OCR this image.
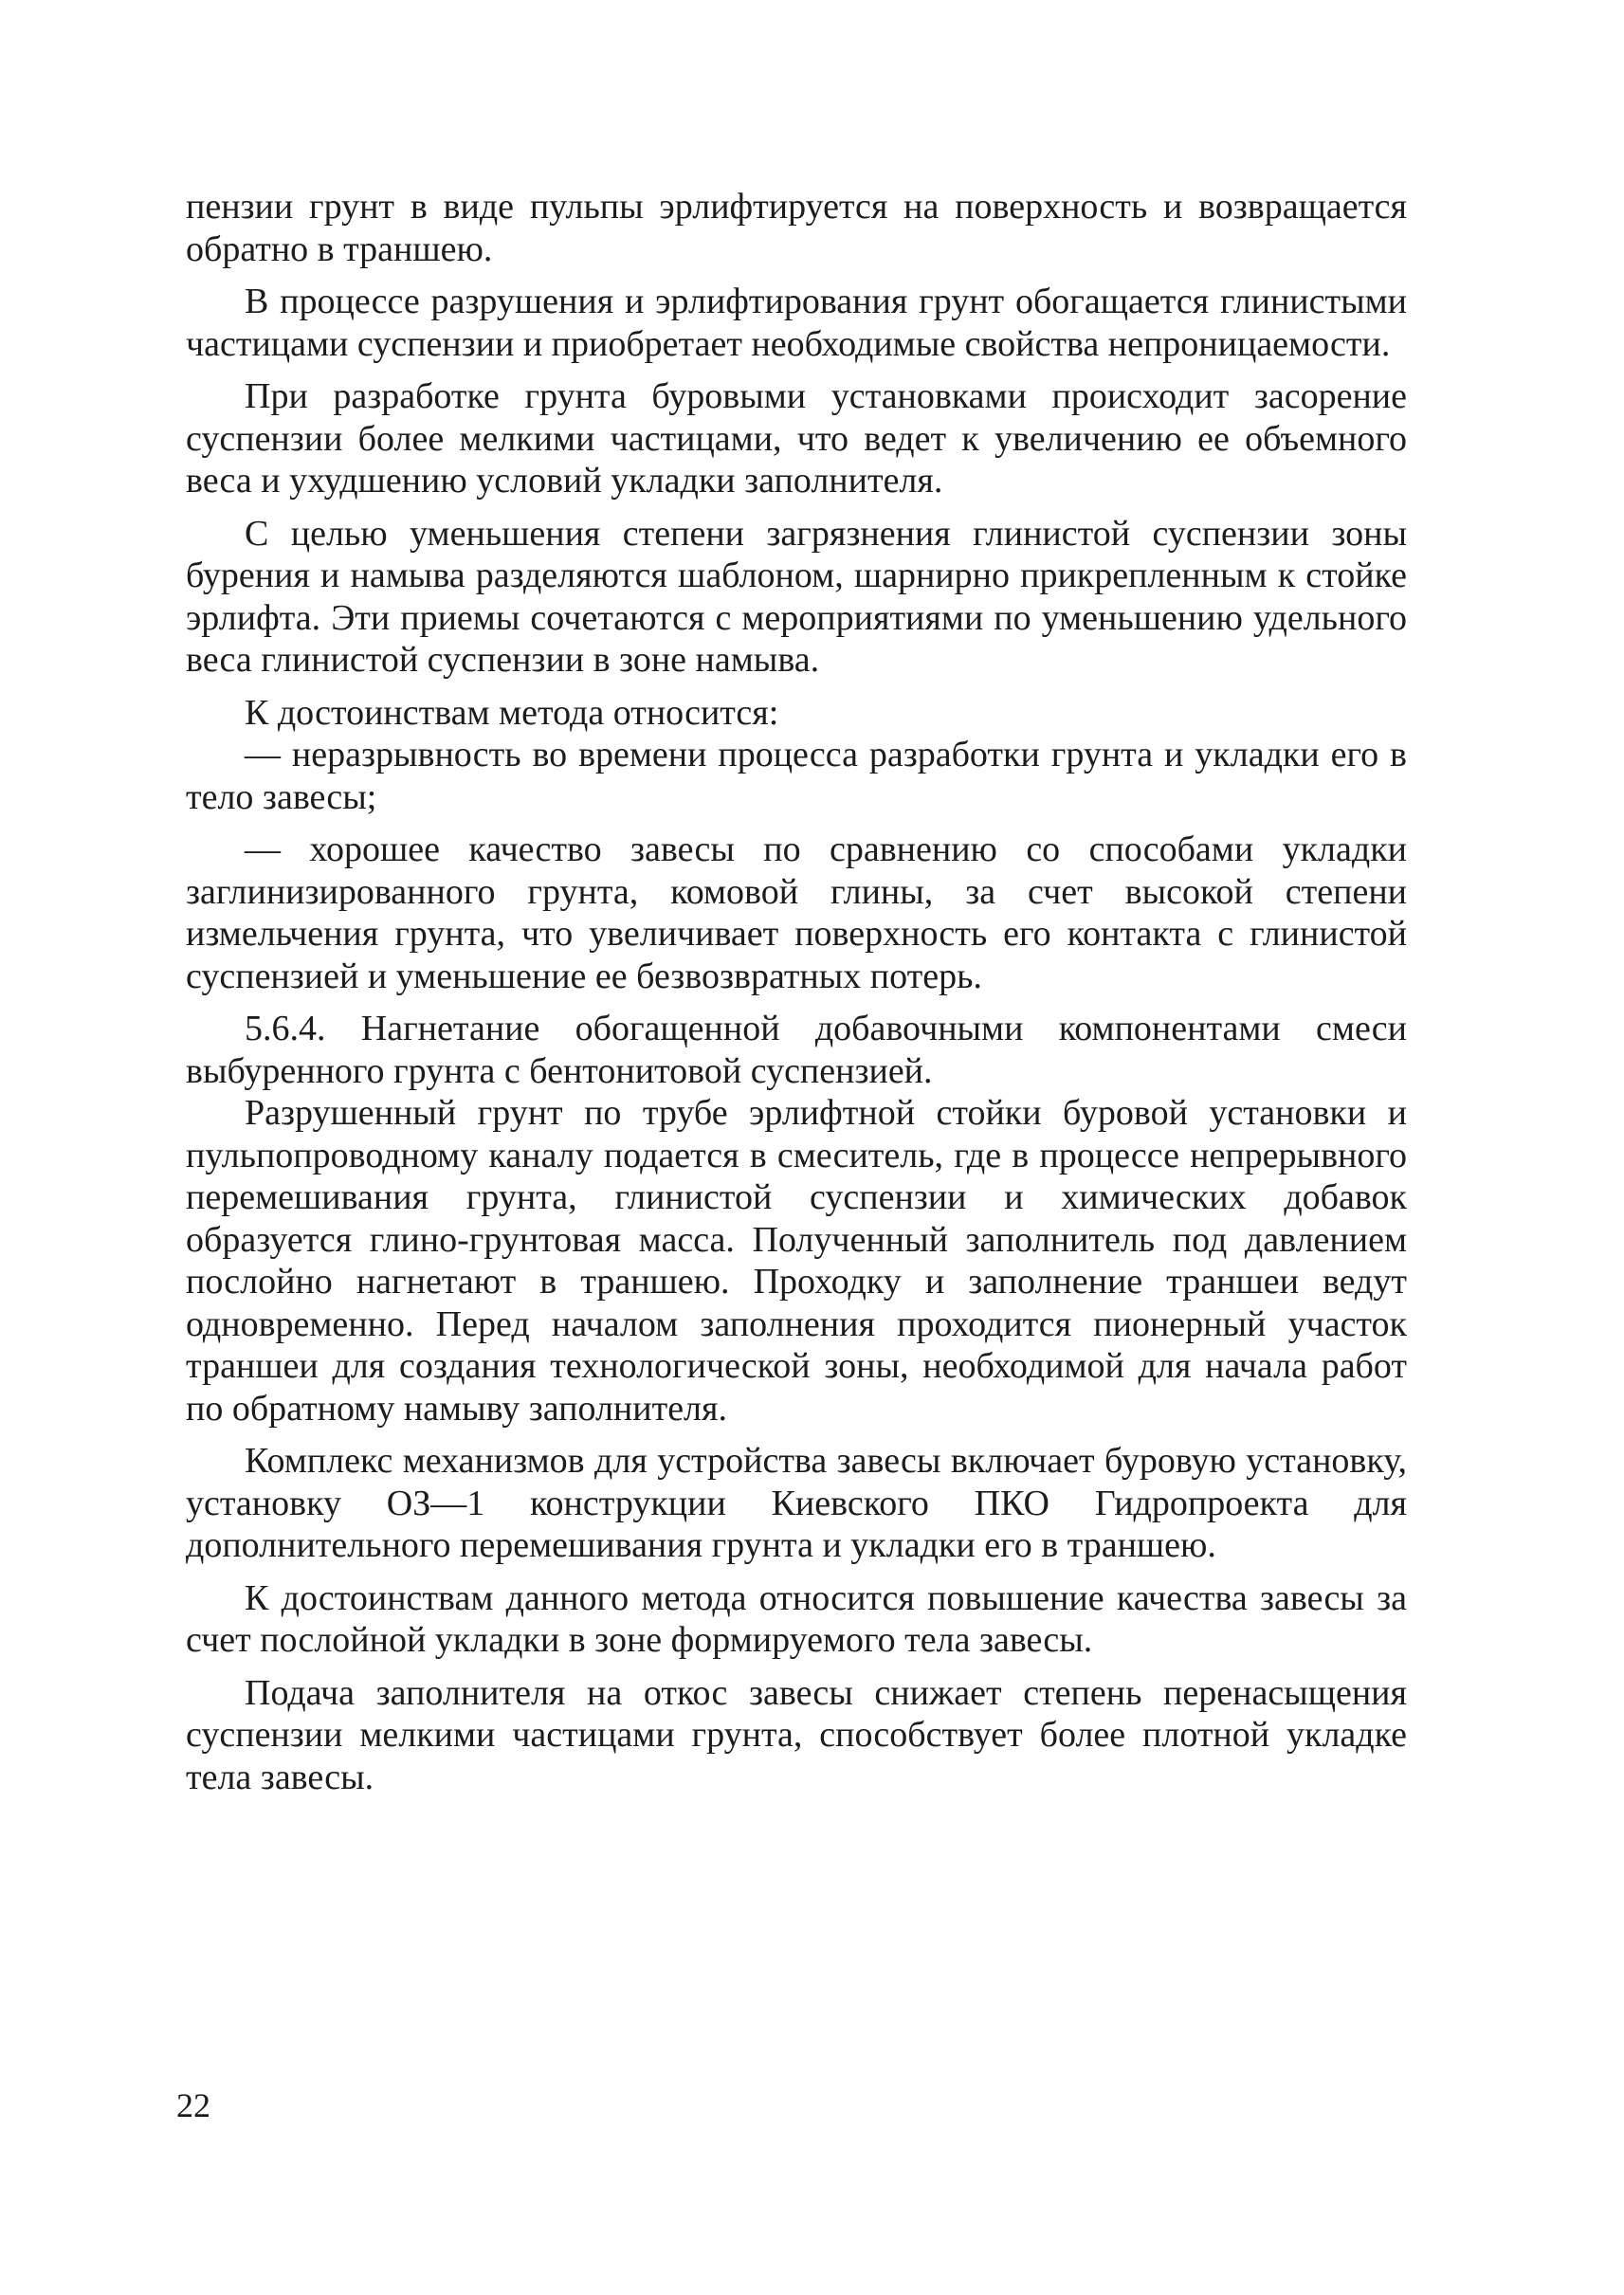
пензии грунт в виде пульпы эрлифтируется на поверхность и возвращается обратно в траншею.

В процессе разрушения и эрлифтирования грунт обогащается глинистыми частицами суспензии и приобретает необходимые свойства непроницаемости.

При разработке грунта буровыми установками происходит засорение суспензии более мелкими частицами, что ведет к увеличению ее объемного веса и ухудшению условий укладки заполнителя.

С целью уменьшения степени загрязнения глинистой суспензии зоны бурения и намыва разделяются шаблоном, шарнирно прикрепленным к стойке эрлифта. Эти приемы сочетаются с мероприятиями по уменьшению удельного веса глинистой суспензии в зоне намыва.

К достоинствам метода относится:

— неразрывность во времени процесса разработки грунта и укладки его в тело завесы;

— хорошее качество завесы по сравнению со способами укладки заглинизированного грунта, комовой глины, за счет высокой степени измельчения грунта, что увеличивает поверхность его контакта с глинистой суспензией и уменьшение ее безвозвратных потерь.

5.6.4. Нагнетание обогащенной добавочными компонентами смеси выбуренного грунта с бентонитовой суспензией.

Разрушенный грунт по трубе эрлифтной стойки буровой установки и пульпопроводному каналу подается в смеситель, где в процессе непрерывного перемешивания грунта, глинистой суспензии и химических добавок образуется глино-грунтовая масса. Полученный заполнитель под давлением послойно нагнетают в траншею. Проходку и заполнение траншеи ведут одновременно. Перед началом заполнения проходится пионерный участок траншеи для создания технологической зоны, необходимой для начала работ по обратному намыву заполнителя.

Комплекс механизмов для устройства завесы включает буровую установку, установку ОЗ—1 конструкции Киевского ПКО Гидропроекта для дополнительного перемешивания грунта и укладки его в траншею.

К достоинствам данного метода относится повышение качества завесы за счет послойной укладки в зоне формируемого тела завесы.

Подача заполнителя на откос завесы снижает степень перенасыщения суспензии мелкими частицами грунта, способствует более плотной укладке тела завесы.

22
